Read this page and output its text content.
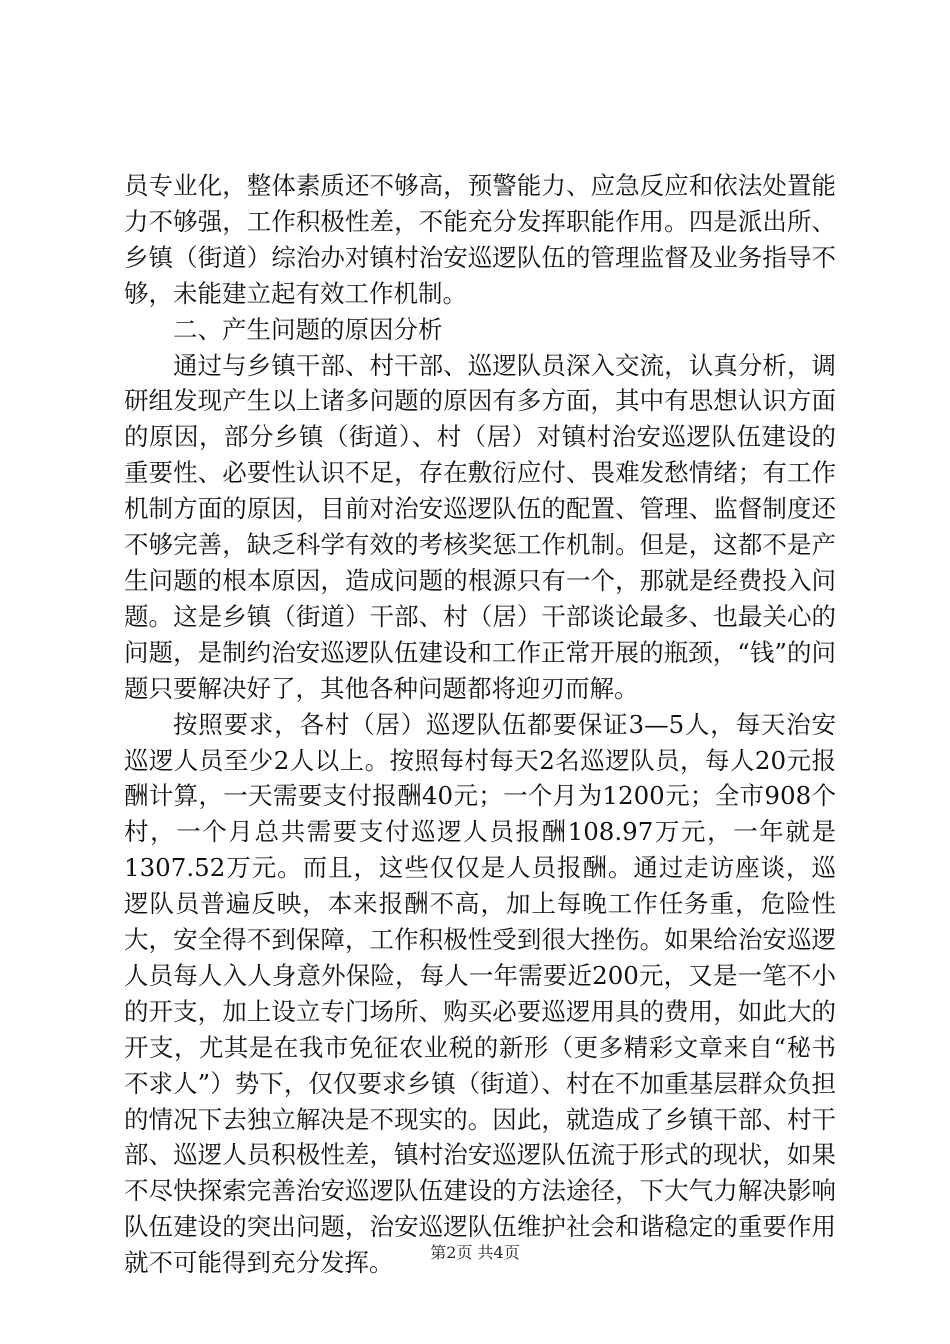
员专业化，整体素质还不够高，预警能力、应急反应和依法处置能力不够强，工作积极性差，不能充分发挥职能作用。四是派出所、乡镇（街道）综治办对镇村治安巡逻队伍的管理监督及业务指导不够，未能建立起有效工作机制。

二、产生问题的原因分析

通过与乡镇干部、村干部、巡逻队员深入交流，认真分析，调研组发现产生以上诸多问题的原因有多方面，其中有思想认识方面的原因，部分乡镇（街道）、村（居）对镇村治安巡逻队伍建设的重要性、必要性认识不足，存在敷衍应付、畏难发愁情绪；有工作机制方面的原因，目前对治安巡逻队伍的配置、管理、监督制度还不够完善，缺乏科学有效的考核奖惩工作机制。但是，这都不是产生问题的根本原因，造成问题的根源只有一个，那就是经费投入问题。这是乡镇（街道）干部、村（居）干部谈论最多、也最关心的问题，是制约治安巡逻队伍建设和工作正常开展的瓶颈，“钱”的问题只要解决好了，其他各种问题都将迎刃而解。

按照要求，各村（居）巡逻队伍都要保证3—5人，每天治安巡逻人员至少2人以上。按照每村每天2名巡逻队员，每人20元报酬计算，一天需要支付报酬40元；一个月为1200元；全市908个村，一个月总共需要支付巡逻人员报酬108.97万元，一年就是1307.52万元。而且，这些仅仅是人员报酬。通过走访座谈，巡逻队员普遍反映，本来报酬不高，加上每晚工作任务重，危险性大，安全得不到保障，工作积极性受到很大挫伤。如果给治安巡逻人员每人入人身意外保险，每人一年需要近200元，又是一笔不小的开支，加上设立专门场所、购买必要巡逻用具的费用，如此大的开支，尤其是在我市免征农业税的新形（更多精彩文章来自“秘书不求人”）势下，仅仅要求乡镇（街道）、村在不加重基层群众负担的情况下去独立解决是不现实的。因此，就造成了乡镇干部、村干部、巡逻人员积极性差，镇村治安巡逻队伍流于形式的现状，如果不尽快探索完善治安巡逻队伍建设的方法途径，下大气力解决影响队伍建设的突出问题，治安巡逻队伍维护社会和谐稳定的重要作用就不可能得到充分发挥。	第2页 共4页
